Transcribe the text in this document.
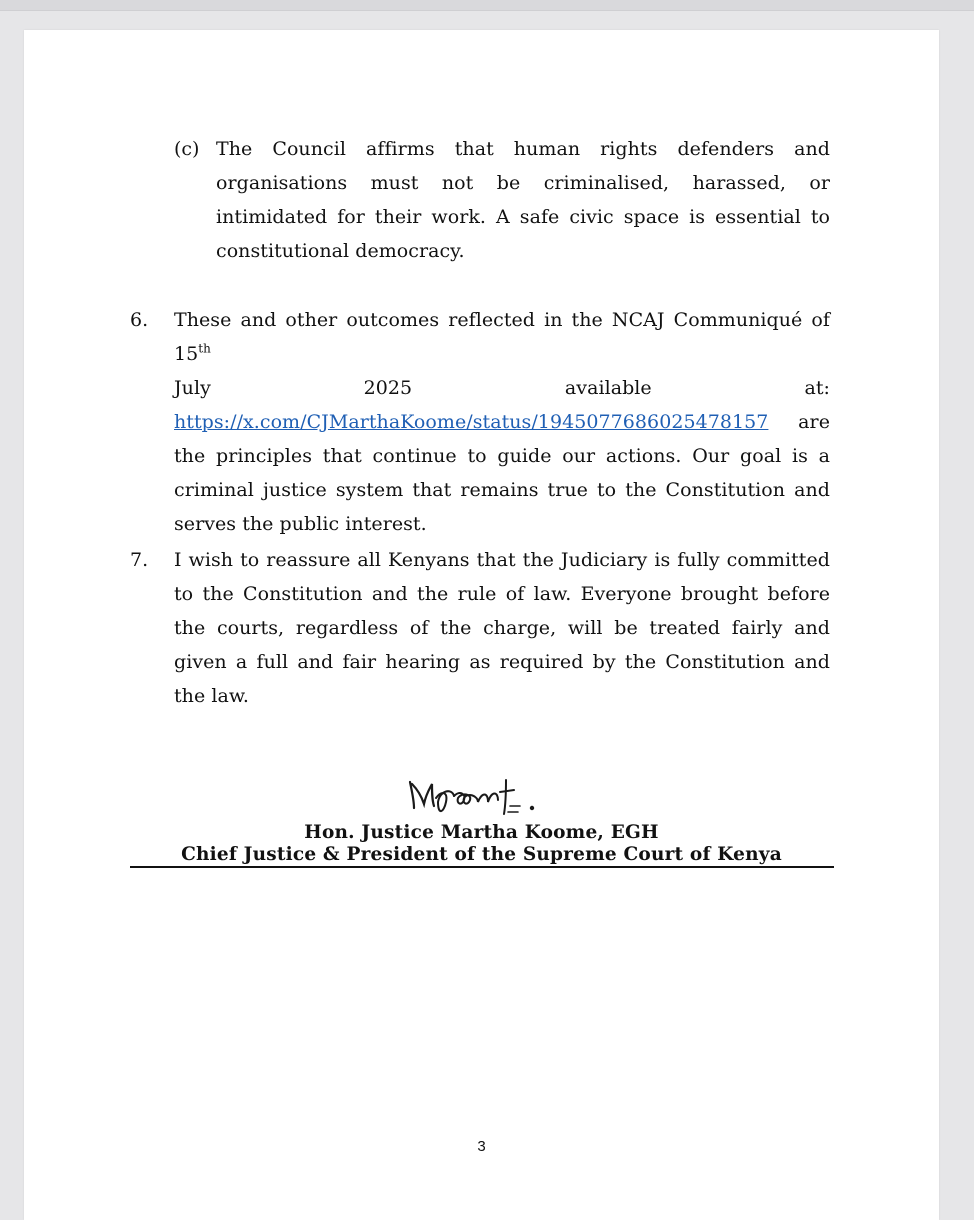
(c) The Council affirms that human rights defenders and organisations must not be criminalised, harassed, or intimidated for their work. A safe civic space is essential to constitutional democracy.
6. These and other outcomes reflected in the NCAJ Communiqué of 15th
July 2025 available at:
https://x.com/CJMarthaKoome/status/1945077686025478157 are the principles that continue to guide our actions. Our goal is a criminal justice system that remains true to the Constitution and serves the public interest.
7. I wish to reassure all Kenyans that the Judiciary is fully committed to the Constitution and the rule of law. Everyone brought before the courts, regardless of the charge, will be treated fairly and given a full and fair hearing as required by the Constitution and the law.
Hon. Justice Martha Koome, EGH
Chief Justice & President of the Supreme Court of Kenya
3
